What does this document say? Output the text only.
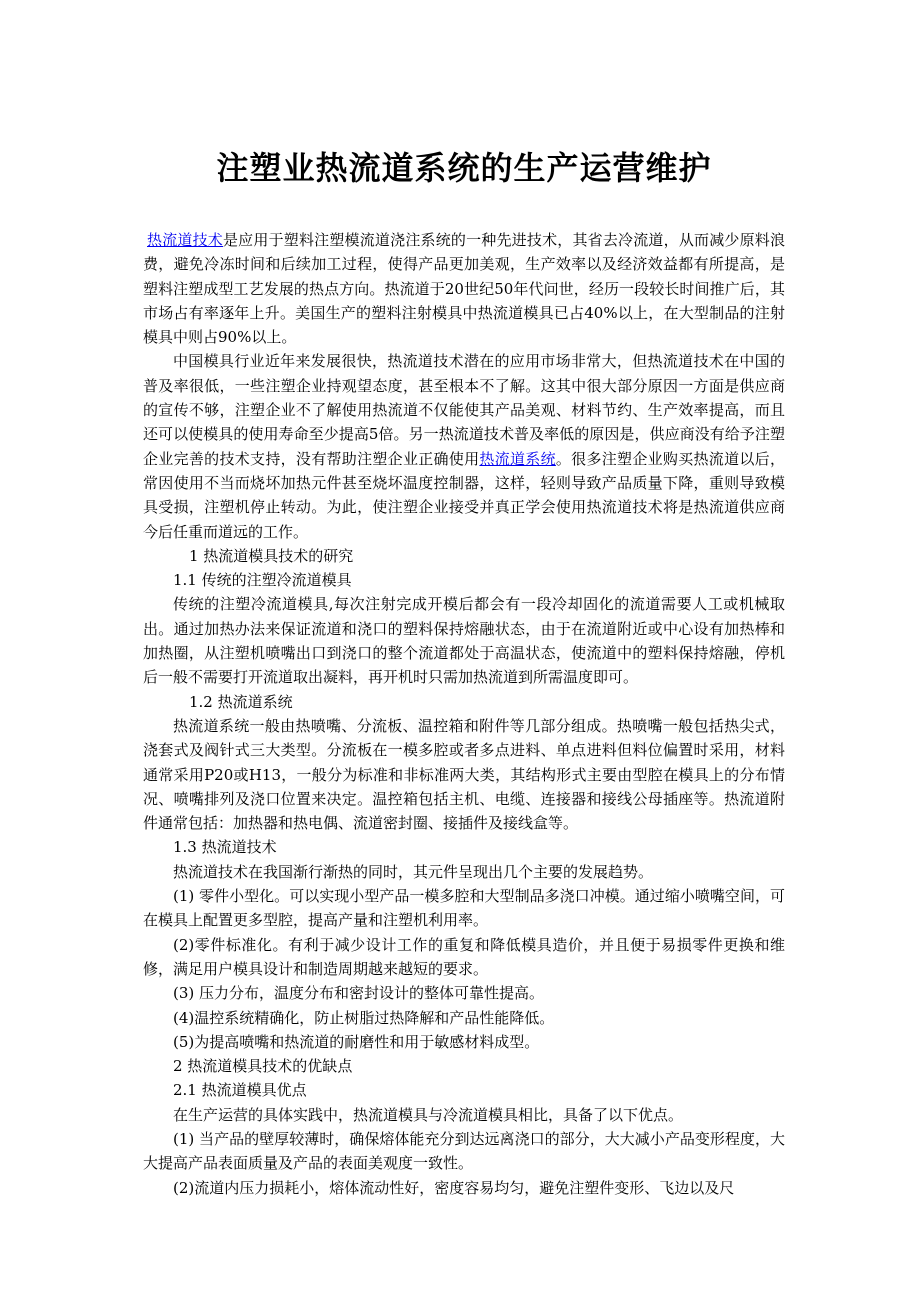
注塑业热流道系统的生产运营维护

热流道技术是应用于塑料注塑模流道浇注系统的一种先进技术，其省去冷流道，从而减少原料浪费，避免冷冻时间和后续加工过程，使得产品更加美观，生产效率以及经济效益都有所提高，是塑料注塑成型工艺发展的热点方向。热流道于20世纪50年代问世，经历一段较长时间推广后，其市场占有率逐年上升。美国生产的塑料注射模具中热流道模具已占40%以上，在大型制品的注射模具中则占90%以上。

中国模具行业近年来发展很快，热流道技术潜在的应用市场非常大，但热流道技术在中国的普及率很低，一些注塑企业持观望态度，甚至根本不了解。这其中很大部分原因一方面是供应商的宣传不够，注塑企业不了解使用热流道不仅能使其产品美观、材料节约、生产效率提高，而且还可以使模具的使用寿命至少提高5倍。另一热流道技术普及率低的原因是，供应商没有给予注塑企业完善的技术支持，没有帮助注塑企业正确使用热流道系统。很多注塑企业购买热流道以后，常因使用不当而烧坏加热元件甚至烧坏温度控制器，这样，轻则导致产品质量下降，重则导致模具受损，注塑机停止转动。为此，使注塑企业接受并真正学会使用热流道技术将是热流道供应商今后任重而道远的工作。

1 热流道模具技术的研究

1.1 传统的注塑冷流道模具

传统的注塑冷流道模具,每次注射完成开模后都会有一段冷却固化的流道需要人工或机械取出。通过加热办法来保证流道和浇口的塑料保持熔融状态，由于在流道附近或中心设有加热棒和加热圈，从注塑机喷嘴出口到浇口的整个流道都处于高温状态，使流道中的塑料保持熔融，停机后一般不需要打开流道取出凝料，再开机时只需加热流道到所需温度即可。

1.2 热流道系统

热流道系统一般由热喷嘴、分流板、温控箱和附件等几部分组成。热喷嘴一般包括热尖式，浇套式及阀针式三大类型。分流板在一模多腔或者多点进料、单点进料但料位偏置时采用，材料通常采用P20或H13，一般分为标准和非标准两大类，其结构形式主要由型腔在模具上的分布情况、喷嘴排列及浇口位置来决定。温控箱包括主机、电缆、连接器和接线公母插座等。热流道附件通常包括：加热器和热电偶、流道密封圈、接插件及接线盒等。

1.3 热流道技术

热流道技术在我国渐行渐热的同时，其元件呈现出几个主要的发展趋势。

(1) 零件小型化。可以实现小型产品一模多腔和大型制品多浇口冲模。通过缩小喷嘴空间，可在模具上配置更多型腔，提高产量和注塑机利用率。

(2)零件标准化。有利于减少设计工作的重复和降低模具造价，并且便于易损零件更换和维修，满足用户模具设计和制造周期越来越短的要求。

(3) 压力分布，温度分布和密封设计的整体可靠性提高。

(4)温控系统精确化，防止树脂过热降解和产品性能降低。

(5)为提高喷嘴和热流道的耐磨性和用于敏感材料成型。

2 热流道模具技术的优缺点

2.1 热流道模具优点

在生产运营的具体实践中，热流道模具与冷流道模具相比，具备了以下优点。

(1) 当产品的壁厚较薄时，确保熔体能充分到达远离浇口的部分，大大减小产品变形程度，大大提高产品表面质量及产品的表面美观度一致性。

(2)流道内压力损耗小，熔体流动性好，密度容易均匀，避免注塑件变形、飞边以及尺
